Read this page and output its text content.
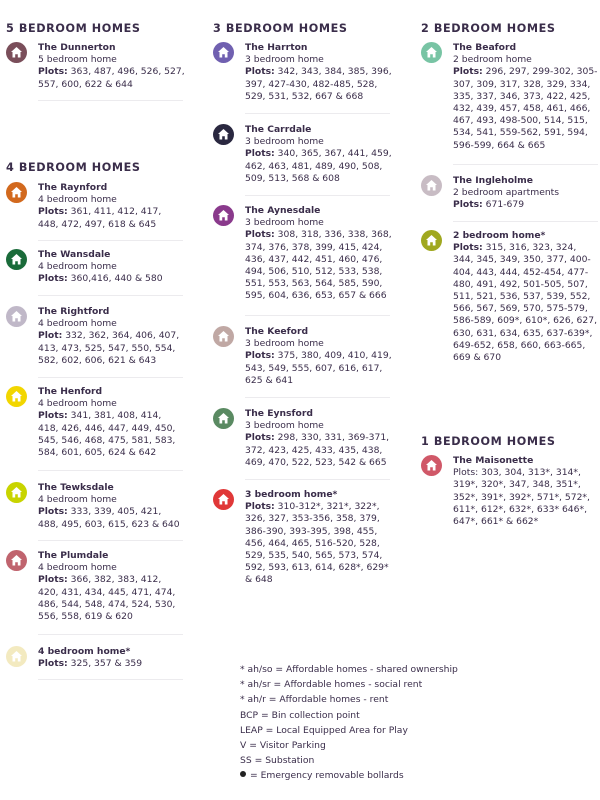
5 BEDROOM HOMES
The Dunnerton
5 bedroom home
Plots: 363, 487, 496, 526, 527, 557, 600, 622 & 644
4 BEDROOM HOMES
The Raynford
4 bedroom home
Plots: 361, 411, 412, 417, 448, 472, 497, 618 & 645
The Wansdale
4 bedroom home
Plots: 360,416, 440 & 580
The Rightford
4 bedroom home
Plot: 332, 362, 364, 406, 407, 413, 473, 525, 547, 550, 554, 582, 602, 606, 621 & 643
The Henford
4 bedroom home
Plots: 341, 381, 408, 414, 418, 426, 446, 447, 449, 450, 545, 546, 468, 475, 581, 583, 584, 601, 605, 624 & 642
The Tewksdale
4 bedroom home
Plots: 333, 339, 405, 421, 488, 495, 603, 615, 623 & 640
The Plumdale
4 bedroom home
Plots: 366, 382, 383, 412, 420, 431, 434, 445, 471, 474, 486, 544, 548, 474, 524, 530, 556, 558, 619 & 620
4 bedroom home*
Plots: 325, 357 & 359
3 BEDROOM HOMES
The Harrton
3 bedroom home
Plots: 342, 343, 384, 385, 396, 397, 427-430, 482-485, 528, 529, 531, 532, 667 & 668
The Carrdale
3 bedroom home
Plots: 340, 365, 367, 441, 459, 462, 463, 481, 489, 490, 508, 509, 513, 568 & 608
The Aynesdale
3 bedroom home
Plots: 308, 318, 336, 338, 368, 374, 376, 378, 399, 415, 424, 436, 437, 442, 451, 460, 476, 494, 506, 510, 512, 533, 538, 551, 553, 563, 564, 585, 590, 595, 604, 636, 653, 657 & 666
The Keeford
3 bedroom home
Plots: 375, 380, 409, 410, 419, 543, 549, 555, 607, 616, 617, 625 & 641
The Eynsford
3 bedroom home
Plots: 298, 330, 331, 369-371, 372, 423, 425, 433, 435, 438, 469, 470, 522, 523, 542 & 665
3 bedroom home*
Plots: 310-312*, 321*, 322*, 326, 327, 353-356, 358, 379, 386-390, 393-395, 398, 455, 456, 464, 465, 516-520, 528, 529, 535, 540, 565, 573, 574, 592, 593, 613, 614, 628*, 629* & 648
2 BEDROOM HOMES
The Beaford
2 bedroom home
Plots: 296, 297, 299-302, 305-307, 309, 317, 328, 329, 334, 335, 337, 346, 373, 422, 425, 432, 439, 457, 458, 461, 466, 467, 493, 498-500, 514, 515, 534, 541, 559-562, 591, 594, 596-599, 664 & 665
The Ingleholme
2 bedroom apartments
Plots: 671-679
2 bedroom home*
Plots: 315, 316, 323, 324, 344, 345, 349, 350, 377, 400-404, 443, 444, 452-454, 477-480, 491, 492, 501-505, 507, 511, 521, 536, 537, 539, 552, 566, 567, 569, 570, 575-579, 586-589, 609*, 610*, 626, 627, 630, 631, 634, 635, 637-639*, 649-652, 658, 660, 663-665, 669 & 670
1 BEDROOM HOMES
The Maisonette
Plots: 303, 304, 313*, 314*, 319*, 320*, 347, 348, 351*, 352*, 391*, 392*, 571*, 572*, 611*, 612*, 632*, 633* 646*, 647*, 661* & 662*
* ah/so = Affordable homes - shared ownership
* ah/sr = Affordable homes - social rent
* ah/r = Affordable homes - rent
BCP = Bin collection point
LEAP = Local Equipped Area for Play
V = Visitor Parking
SS = Substation
= Emergency removable bollards
